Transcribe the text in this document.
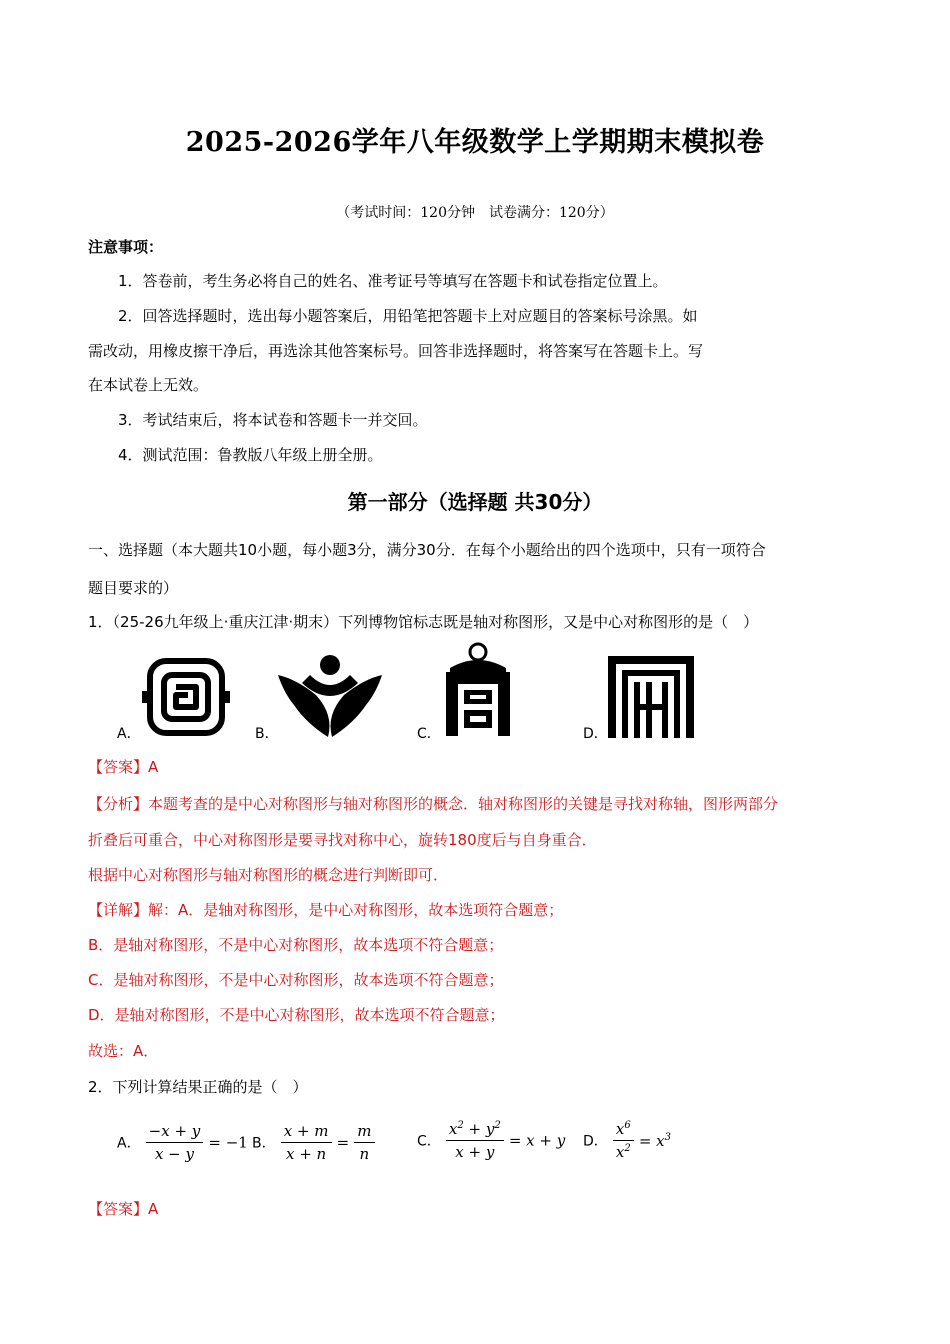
2025-2026学年八年级数学上学期期末模拟卷
（考试时间：120分钟　试卷满分：120分）
注意事项：
1．答卷前，考生务必将自己的姓名、准考证号等填写在答题卡和试卷指定位置上。
2．回答选择题时，选出每小题答案后，用铅笔把答题卡上对应题目的答案标号涂黑。如
需改动，用橡皮擦干净后，再选涂其他答案标号。回答非选择题时，将答案写在答题卡上。写
在本试卷上无效。
3．考试结束后，将本试卷和答题卡一并交回。
4．测试范围：鲁教版八年级上册全册。
第一部分（选择题 共30分）
一、选择题（本大题共10小题，每小题3分，满分30分．在每个小题给出的四个选项中，只有一项符合
题目要求的）
1．（25-26九年级上·重庆江津·期末）下列博物馆标志既是轴对称图形，又是中心对称图形的是（　）
A．	B．	C．	D．
【答案】A
【分析】本题考查的是中心对称图形与轴对称图形的概念．轴对称图形的关键是寻找对称轴，图形两部分
折叠后可重合，中心对称图形是要寻找对称中心，旋转180度后与自身重合．
根据中心对称图形与轴对称图形的概念进行判断即可．
【详解】解：A．是轴对称图形，是中心对称图形，故本选项符合题意；
B．是轴对称图形，不是中心对称图形，故本选项不符合题意；
C．是轴对称图形，不是中心对称图形，故本选项不符合题意；
D．是轴对称图形，不是中心对称图形，故本选项不符合题意；
故选：A．
2．下列计算结果正确的是（　）
A． $\frac{-x + y}{x - y} = -1$ B． $\frac{x + m}{x + n} = \frac{m}{n}$	C． $\frac{x^2 + y^2}{x + y} = x + y$ D． $\frac{x^6}{x^2} = x^3$
【答案】A
